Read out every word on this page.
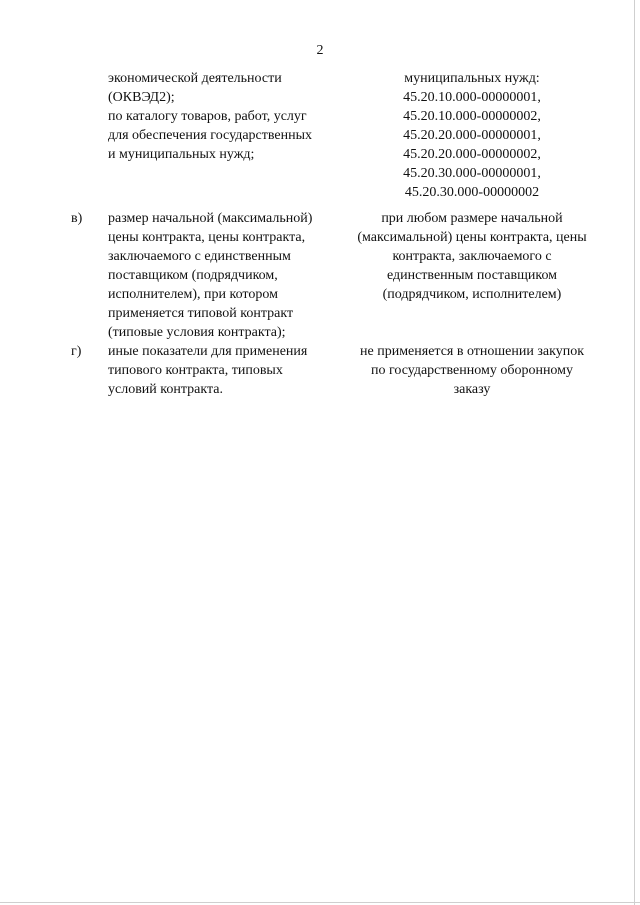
2
экономической деятельности
(ОКВЭД2);
по каталогу товаров, работ, услуг
для обеспечения государственных
и муниципальных нужд;
муниципальных нужд:
45.20.10.000-00000001,
45.20.10.000-00000002,
45.20.20.000-00000001,
45.20.20.000-00000002,
45.20.30.000-00000001,
45.20.30.000-00000002
в) размер начальной (максимальной)
цены контракта, цены контракта,
заключаемого с единственным
поставщиком (подрядчиком,
исполнителем), при котором
применяется типовой контракт
(типовые условия контракта);
при любом размере начальной
(максимальной) цены контракта, цены
контракта, заключаемого с
единственным поставщиком
(подрядчиком, исполнителем)
г) иные показатели для применения
типового контракта, типовых
условий контракта.
не применяется в отношении закупок
по государственному оборонному
заказу
